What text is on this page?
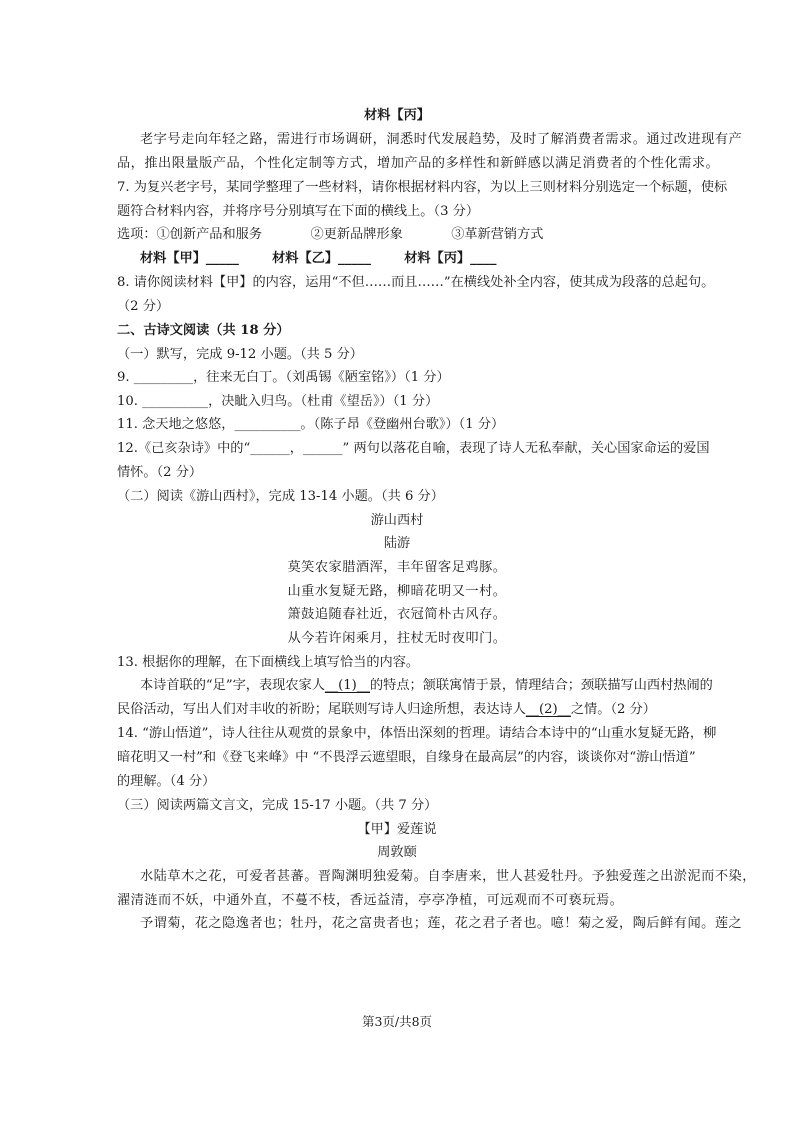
材料【丙】
老字号走向年轻之路，需进行市场调研，洞悉时代发展趋势，及时了解消费者需求。通过改进现有产
品，推出限量版产品，个性化定制等方式，增加产品的多样性和新鲜感以满足消费者的个性化需求。
7. 为复兴老字号，某同学整理了一些材料，请你根据材料内容，为以上三则材料分别选定一个标题，使标
题符合材料内容，并将序号分别填写在下面的横线上。（3 分）
选项：①创新产品和服务	②更新品牌形象	③革新营销方式
材料【甲】_____	材料【乙】_____	材料【丙】____
8. 请你阅读材料【甲】的内容，运用“不但……而且……”在横线处补全内容，使其成为段落的总起句。
（2 分）
二、古诗文阅读（共 18 分）
（一）默写，完成 9-12 小题。（共 5 分）
9. _________，往来无白丁。（刘禹锡《陋室铭》）（1 分）
10. __________，决眦入归鸟。（杜甫《望岳》）（1 分）
11. 念天地之悠悠，__________。（陈子昂《登幽州台歌》）（1 分）
12.《己亥杂诗》中的“______，______” 两句以落花自喻，表现了诗人无私奉献，关心国家命运的爱国
情怀。（2 分）
（二）阅读《游山西村》，完成 13-14 小题。（共 6 分）
游山西村
陆游
莫笑农家腊酒浑，丰年留客足鸡豚。
山重水复疑无路，柳暗花明又一村。
箫鼓追随春社近，衣冠简朴古风存。
从今若许闲乘月，拄杖无时夜叩门。
13. 根据你的理解，在下面横线上填写恰当的内容。
本诗首联的“足”字，表现农家人__(1)__的特点；颔联寓情于景，情理结合；颈联描写山西村热闹的
民俗活动，写出人们对丰收的祈盼；尾联则写诗人归途所想，表达诗人__(2)__之情。（2 分）
14. “游山悟道”，诗人往往从观赏的景象中，体悟出深刻的哲理。请结合本诗中的“山重水复疑无路，柳
暗花明又一村”和《登飞来峰》中 “不畏浮云遮望眼，自缘身在最高层”的内容，谈谈你对“游山悟道”
的理解。（4 分）
（三）阅读两篇文言文，完成 15-17 小题。（共 7 分）
【甲】爱莲说
周敦颐
水陆草木之花，可爱者甚蕃。晋陶渊明独爱菊。自李唐来，世人甚爱牡丹。予独爱莲之出淤泥而不染，
濯清涟而不妖，中通外直，不蔓不枝，香远益清，亭亭净植，可远观而不可亵玩焉。
予谓菊，花之隐逸者也；牡丹，花之富贵者也；莲，花之君子者也。噫！菊之爱，陶后鲜有闻。莲之
第3页/共8页
